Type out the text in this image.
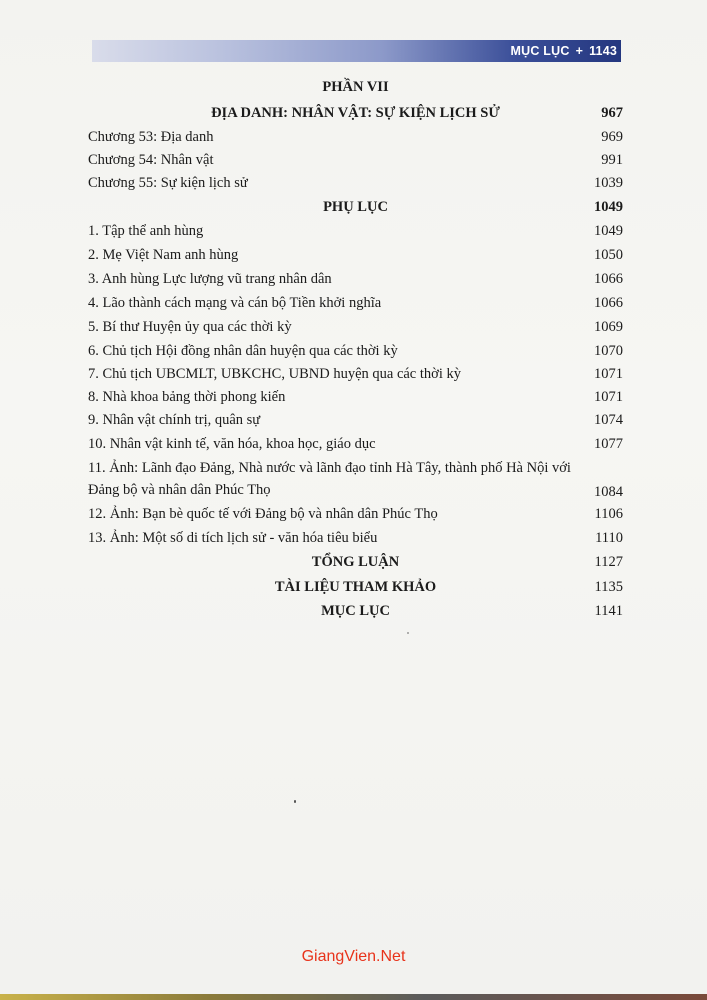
MỤC LỤC + 1143
PHẦN VII
ĐỊA DANH: NHÂN VẬT: SỰ KIỆN LỊCH SỬ	967
Chương 53: Địa danh	969
Chương 54: Nhân vật	991
Chương 55: Sự kiện lịch sử	1039
PHỤ LỤC	1049
1. Tập thể anh hùng	1049
2. Mẹ Việt Nam anh hùng	1050
3. Anh hùng Lực lượng vũ trang nhân dân	1066
4. Lão thành cách mạng và cán bộ Tiền khởi nghĩa	1066
5. Bí thư Huyện ủy qua các thời kỳ	1069
6. Chủ tịch Hội đồng nhân dân huyện qua các thời kỳ	1070
7. Chủ tịch UBCMLT, UBKCHC, UBND huyện qua các thời kỳ	1071
8. Nhà khoa bảng thời phong kiến	1071
9. Nhân vật chính trị, quân sự	1074
10. Nhân vật kinh tế, văn hóa, khoa học, giáo dục	1077
11. Ảnh: Lãnh đạo Đảng, Nhà nước và lãnh đạo tỉnh Hà Tây, thành phố Hà Nội với Đảng bộ và nhân dân Phúc Thọ	1084
12. Ảnh: Bạn bè quốc tế với Đảng bộ và nhân dân Phúc Thọ	1106
13. Ảnh: Một số di tích lịch sử - văn hóa tiêu biểu	1110
TỔNG LUẬN	1127
TÀI LIỆU THAM KHẢO	1135
MỤC LỤC	1141
GiangVien.Net
